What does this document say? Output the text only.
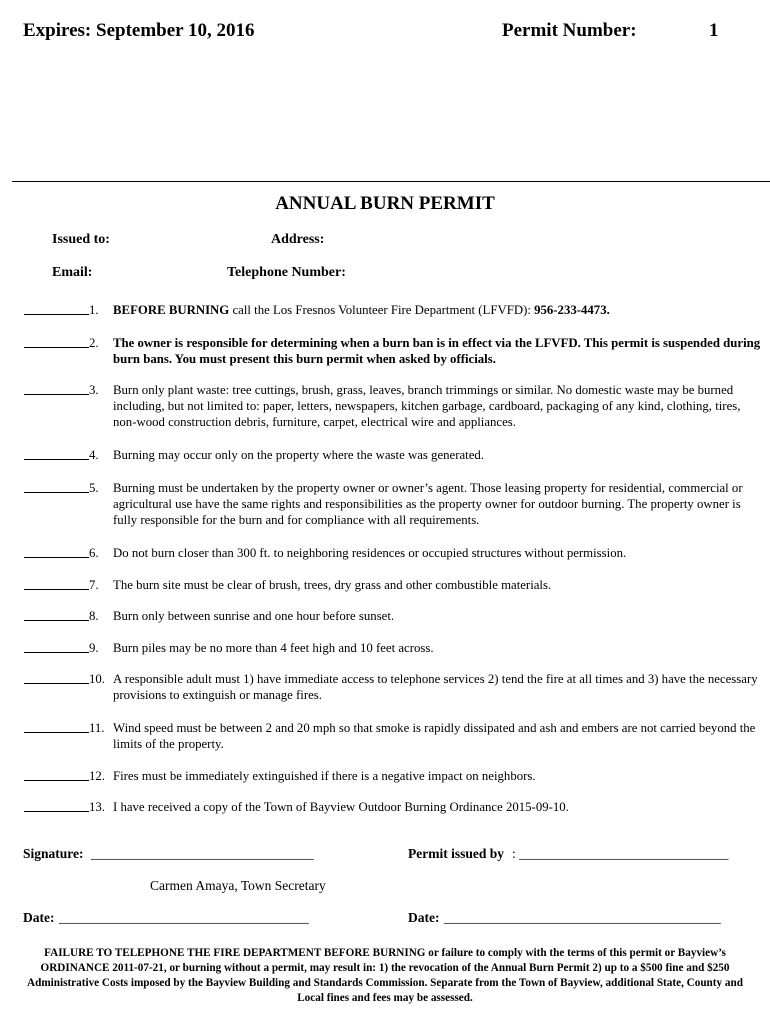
Expires: September 10, 2016	Permit Number:	1
ANNUAL BURN PERMIT
Issued to:	Address:
Email:	Telephone Number:
1. BEFORE BURNING call the Los Fresnos Volunteer Fire Department (LFVFD): 956-233-4473.
2. The owner is responsible for determining when a burn ban is in effect via the LFVFD. This permit is suspended during burn bans. You must present this burn permit when asked by officials.
3. Burn only plant waste: tree cuttings, brush, grass, leaves, branch trimmings or similar. No domestic waste may be burned including, but not limited to: paper, letters, newspapers, kitchen garbage, cardboard, packaging of any kind, clothing, tires, non-wood construction debris, furniture, carpet, electrical wire and appliances.
4. Burning may occur only on the property where the waste was generated.
5. Burning must be undertaken by the property owner or owner’s agent. Those leasing property for residential, commercial or agricultural use have the same rights and responsibilities as the property owner for outdoor burning. The property owner is fully responsible for the burn and for compliance with all requirements.
6. Do not burn closer than 300 ft. to neighboring residences or occupied structures without permission.
7. The burn site must be clear of brush, trees, dry grass and other combustible materials.
8. Burn only between sunrise and one hour before sunset.
9. Burn piles may be no more than 4 feet high and 10 feet across.
10. A responsible adult must 1) have immediate access to telephone services 2) tend the fire at all times and 3) have the necessary provisions to extinguish or manage fires.
11. Wind speed must be between 2 and 20 mph so that smoke is rapidly dissipated and ash and embers are not carried beyond the limits of the property.
12. Fires must be immediately extinguished if there is a negative impact on neighbors.
13. I have received a copy of the Town of Bayview Outdoor Burning Ordinance 2015-09-10.
Signature: _________________________________	Permit issued by : _______________________________
Carmen Amaya, Town Secretary
Date: _____________________________________	Date: _________________________________________
FAILURE TO TELEPHONE THE FIRE DEPARTMENT BEFORE BURNING or failure to comply with the terms of this permit or Bayview’s ORDINANCE 2011-07-21, or burning without a permit, may result in: 1) the revocation of the Annual Burn Permit 2) up to a $500 fine and $250 Administrative Costs imposed by the Bayview Building and Standards Commission. Separate from the Town of Bayview, additional State, County and Local fines and fees may be assessed.
